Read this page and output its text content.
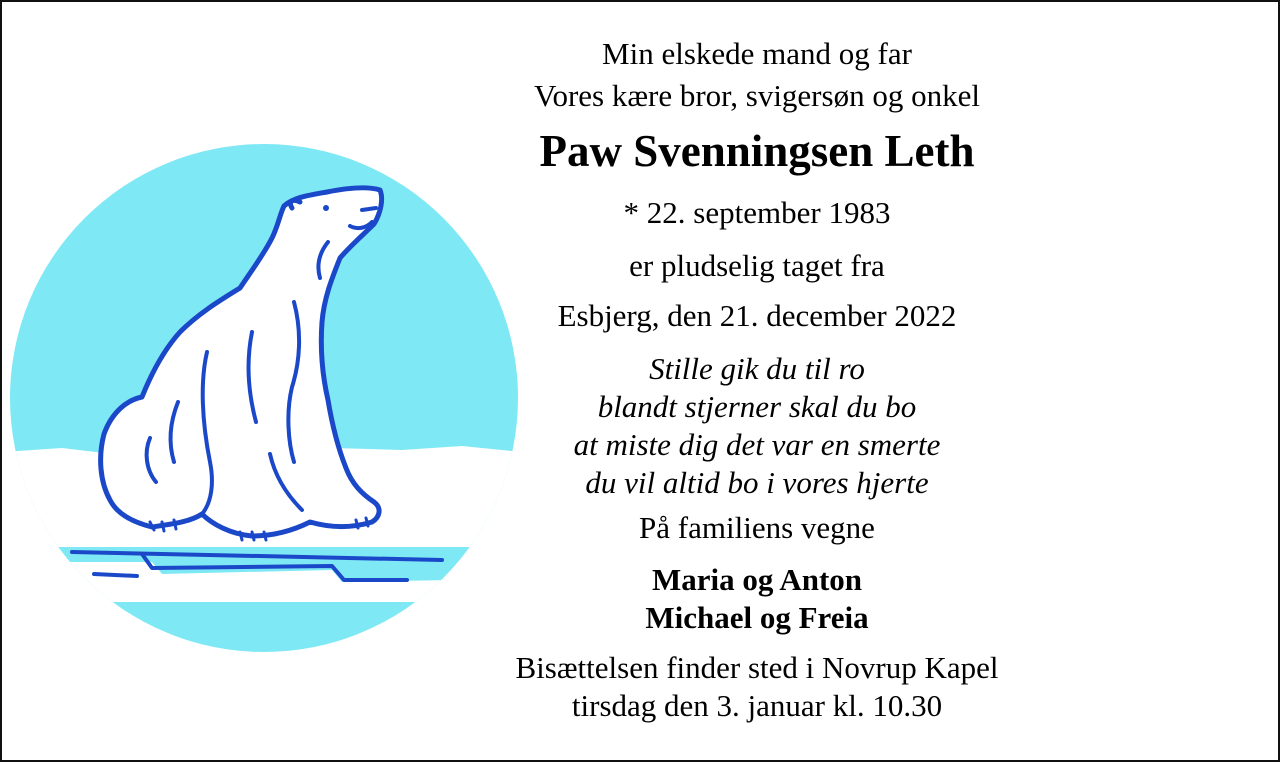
Min elskede mand og far
Vores kære bror, svigersøn og onkel
Paw Svenningsen Leth
* 22. september 1983
er pludselig taget fra
Esbjerg, den 21. december 2022
Stille gik du til ro
blandt stjerner skal du bo
at miste dig det var en smerte
du vil altid bo i vores hjerte
På familiens vegne
Maria og Anton
Michael og Freia
Bisættelsen finder sted i Novrup Kapel
tirsdag den 3. januar kl. 10.30
